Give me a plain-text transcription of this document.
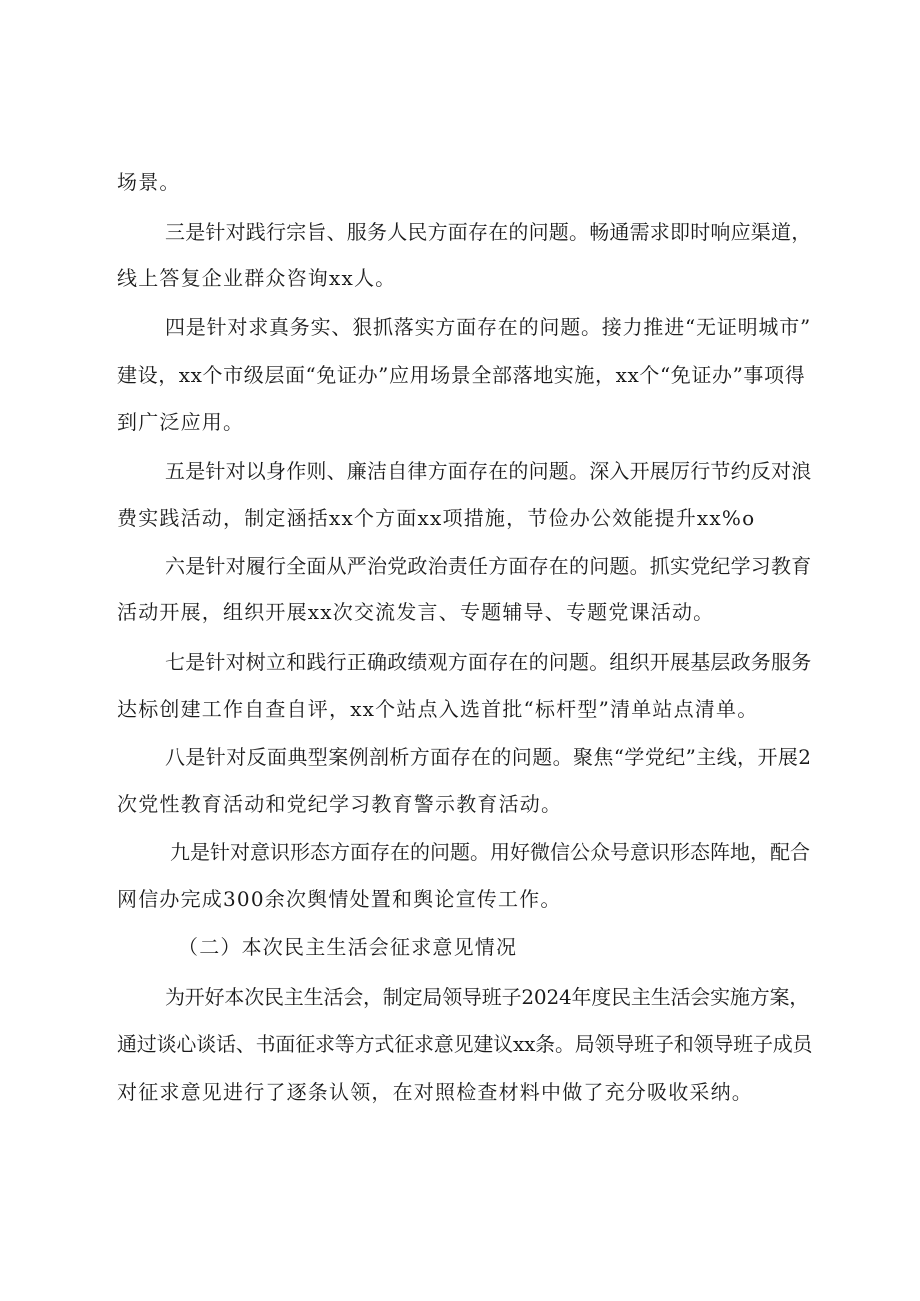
场景。
三是针对践行宗旨、服务人民方面存在的问题。畅通需求即时响应渠道，
线上答复企业群众咨询xx人。
四是针对求真务实、狠抓落实方面存在的问题。接力推进“无证明城市”
建设，xx个市级层面“免证办”应用场景全部落地实施，xx个“免证办”事项得
到广泛应用。
五是针对以身作则、廉洁自律方面存在的问题。深入开展厉行节约反对浪
费实践活动，制定涵括xx个方面xx项措施，节俭办公效能提升xx%o
六是针对履行全面从严治党政治责任方面存在的问题。抓实党纪学习教育
活动开展，组织开展xx次交流发言、专题辅导、专题党课活动。
七是针对树立和践行正确政绩观方面存在的问题。组织开展基层政务服务
达标创建工作自查自评，xx个站点入选首批“标杆型”清单站点清单。
八是针对反面典型案例剖析方面存在的问题。聚焦“学党纪”主线，开展2
次党性教育活动和党纪学习教育警示教育活动。
九是针对意识形态方面存在的问题。用好微信公众号意识形态阵地，配合
网信办完成300余次舆情处置和舆论宣传工作。
（二）本次民主生活会征求意见情况
为开好本次民主生活会，制定局领导班子2024年度民主生活会实施方案，
通过谈心谈话、书面征求等方式征求意见建议xx条。局领导班子和领导班子成员
对征求意见进行了逐条认领，在对照检查材料中做了充分吸收采纳。
